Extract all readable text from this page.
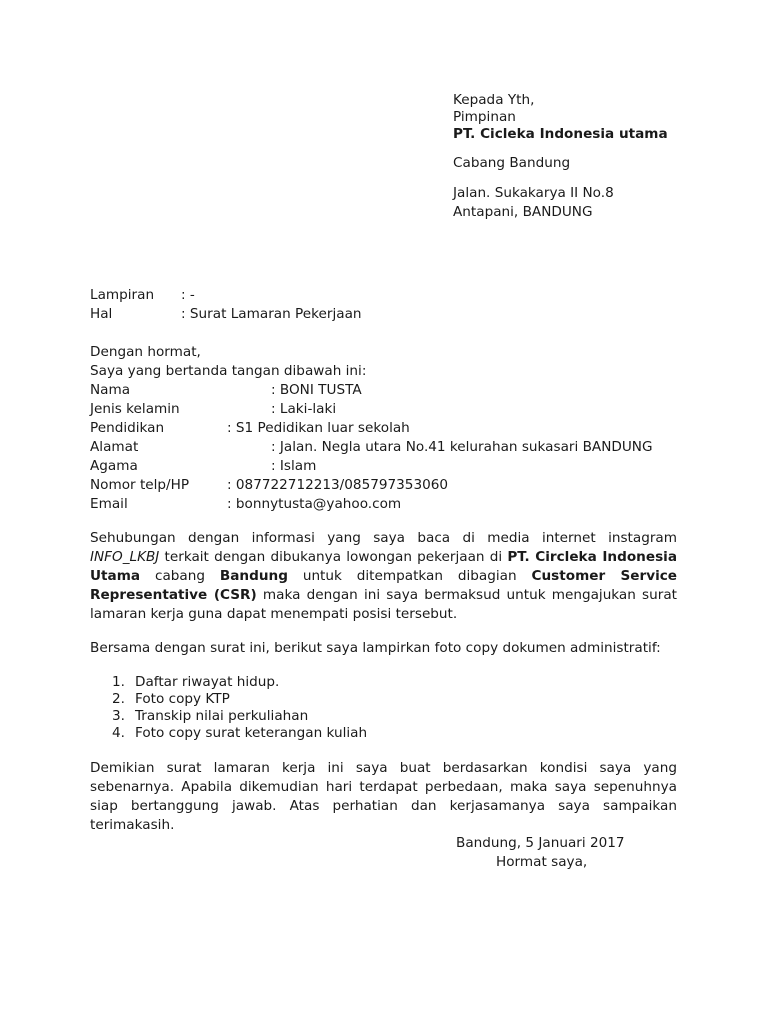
Kepada Yth,
Pimpinan
PT. Cicleka Indonesia utama
Cabang Bandung
Jalan. Sukakarya II No.8
Antapani, BANDUNG
Lampiran : -
Hal	: Surat Lamaran Pekerjaan
Dengan hormat,
Saya yang bertanda tangan dibawah ini:
Nama	: BONI TUSTA
Jenis kelamin	: Laki-laki
Pendidikan	: S1 Pedidikan luar sekolah
Alamat	: Jalan. Negla utara No.41 kelurahan sukasari BANDUNG
Agama	: Islam
Nomor telp/HP	: 087722712213/085797353060
Email	: bonnytusta@yahoo.com
Sehubungan dengan informasi yang saya baca di media internet instagram INFO_LKBJ terkait dengan dibukanya lowongan pekerjaan di PT. Circleka Indonesia Utama cabang Bandung untuk ditempatkan dibagian Customer Service Representative (CSR) maka dengan ini saya bermaksud untuk mengajukan surat lamaran kerja guna dapat menempati posisi tersebut.
Bersama dengan surat ini, berikut saya lampirkan foto copy dokumen administratif:
1. Daftar riwayat hidup.
2. Foto copy KTP
3. Transkip nilai perkuliahan
4. Foto copy surat keterangan kuliah
Demikian surat lamaran kerja ini saya buat berdasarkan kondisi saya yang sebenarnya. Apabila dikemudian hari terdapat perbedaan, maka saya sepenuhnya siap bertanggung jawab. Atas perhatian dan kerjasamanya saya sampaikan terimakasih.
Bandung, 5 Januari 2017
Hormat saya,
